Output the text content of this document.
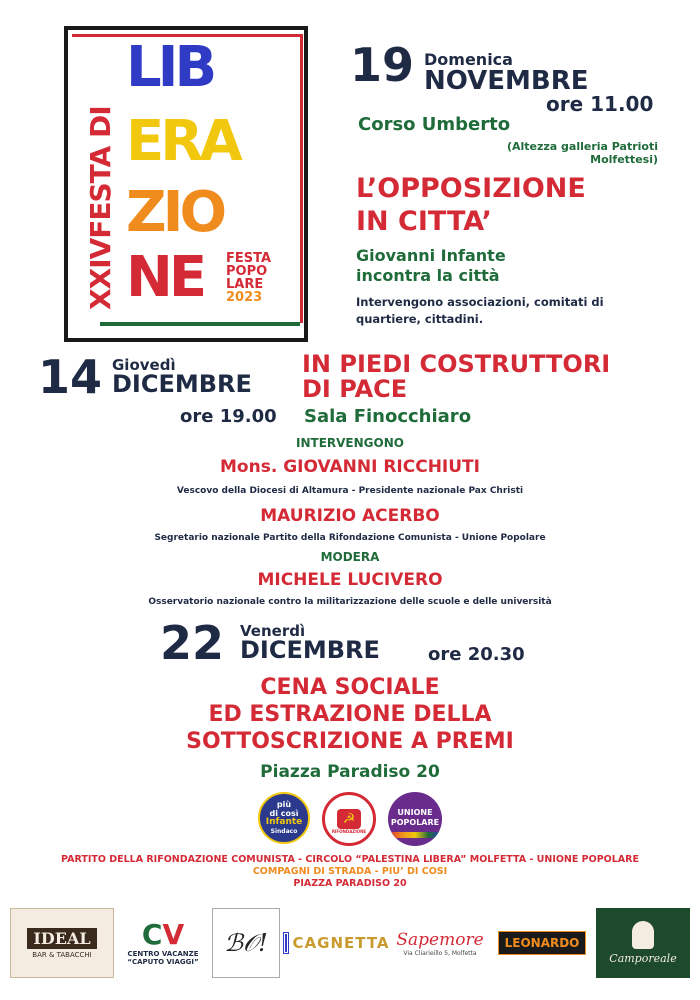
XXIVFESTA DI
LIB
ERA
ZIO
NE FESTA
POPO
LARE
2023
19 Domenica
NOVEMBRE
ore 11.00
Corso Umberto
(Altezza galleria Patrioti
Molfettesi)
L’OPPOSIZIONE
IN CITTA’
Giovanni Infante
incontra la città
Intervengono associazioni, comitati di
quartiere, cittadini.
14 Giovedì
DICEMBRE
IN PIEDI COSTRUTTORI
DI PACE
ore 19.00 Sala Finocchiaro
INTERVENGONO
Mons. GIOVANNI RICCHIUTI
Vescovo della Diocesi di Altamura - Presidente nazionale Pax Christi
MAURIZIO ACERBO
Segretario nazionale Partito della Rifondazione Comunista - Unione Popolare
MODERA
MICHELE LUCIVERO
Osservatorio nazionale contro la militarizzazione delle scuole e delle università
22 Venerdì
DICEMBRE	ore 20.30
CENA SOCIALE
ED ESTRAZIONE DELLA
SOTTOSCRIZIONE A PREMI
Piazza Paradiso 20
più
di così
Infante
Sindaco
☭
RIFONDAZIONE
UNIONE
POPOLARE
PARTITO DELLA RIFONDAZIONE COMUNISTA - CIRCOLO “PALESTINA LIBERA” MOLFETTA - UNIONE POPOLARE
COMPAGNI DI STRADA - PIU’ DI COSI
PIAZZA PARADISO 20
IDEAL
BAR & TABACCHI
CV
CENTRO VACANZE
“CAPUTO VIAGGI”
ℬ𝒪! CAGNETTA Sapemore
Via Cliarieillo 5, Molfetta
LEONARDO
Camporeale
